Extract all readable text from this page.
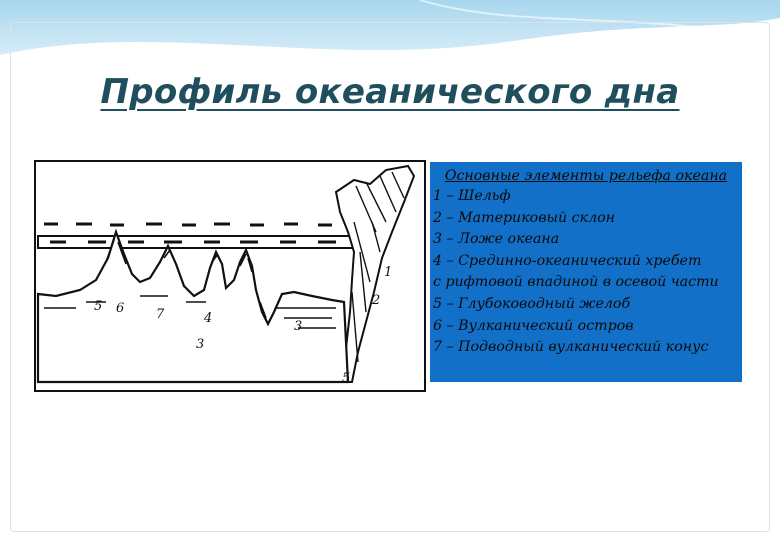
Профиль океанического дна
5 6 7	4
3
3
2
5
1
Основные элементы рельефа океана
1 – Шельф
2 – Материковый склон
3 – Ложе океана
4 – Срединно-океанический хребет
с рифтовой впадиной в осевой части
5 – Глубоководный желоб
6 – Вулканический остров
7 – Подводный вулканический конус
